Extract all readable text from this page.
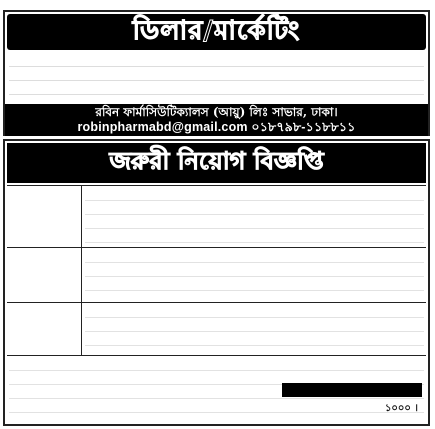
ডিলার/মার্কেটিং
রবিন ফার্মাসিউটিক্যালস (আয়ু) লিঃ সাভার, ঢাকা।
robinpharmabd@gmail.com ০১৮৭৯৮-১১৮৮১১
জরুরী নিয়োগ বিজ্ঞপ্তি
১০০০ ।
